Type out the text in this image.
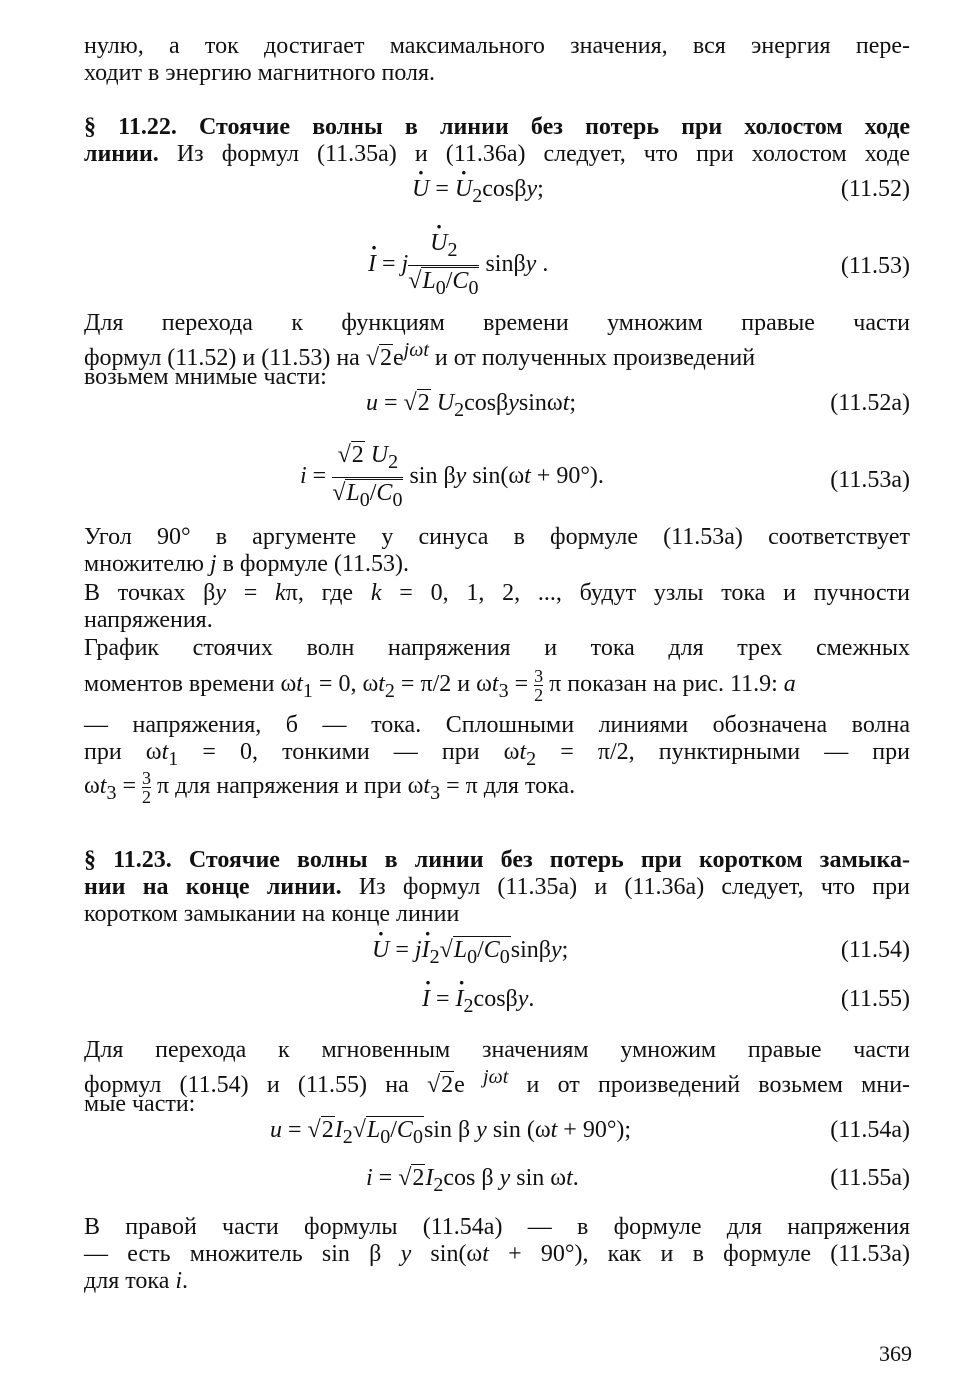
нулю, а ток достигает максимального значения, вся энергия пере-
ходит в энергию магнитного поля.
§ 11.22. Стоячие волны в линии без потерь при холостом ходе
линии. Из формул (11.35а) и (11.36а) следует, что при холостом ходе
· U = · $U_2\cos\beta y$;	(11.52)
· I = j
· $\frac{U_2}{√L_0/C_0}$ sinβy .	(11.53)
Для перехода к функциям времени умножим правые части
формул (11.52) и (11.53) на $√2e^{j\omega t}$ и от полученных произведений
возьмем мнимые части:
u = √2 $U_2\cos\beta ysin\omega t$;	(11.52а)
$i = \frac{√2 U_2}{√L_0/C_0}$ sin βy sin(ωt + 90°).	(11.53а)
Угол 90° в аргументе у синуса в формуле (11.53а) соответствует
множителю j в формуле (11.53).
В точках βy = kπ, где k = 0, 1, 2, ..., будут узлы тока и пучности
напряжения.
График стоячих волн напряжения и тока для трех смежных
моментов времени $\omega t_1 = 0$, $\omega t_2 = \pi/2$ и $\omega t_3 = \frac{3}{2}$ π показан на рис. 11.9: а
— напряжения, б — тока. Сплошными линиями обозначена волна
при $\omega t_1 = 0$, тонкими — при $\omega t_2 = \pi/2$, пунктирными — при
$\omega t_3 = \frac{3}{2}$ π для напряжения и при $\omega t_3 = \pi$ для тока.
§ 11.23. Стоячие волны в линии без потерь при коротком замыка-
нии на конце линии. Из формул (11.35а) и (11.36а) следует, что при
коротком замыкании на конце линии
· $U = j\cdot I_2√L_0/C_0\sin\beta y$;	(11.54)
· I = · $I_2\cos\beta y$.	(11.55)
Для перехода к мгновенным значениям умножим правые части
формул (11.54) и (11.55) на √2e $^{j\omega t}$ и от произведений возьмем мни-
мые части:
$u = √2I_2√L_0/C_0\sin$ β y sin (ωt + 90°);	(11.54а)
$i = √2I_2\cos$ β y sin ωt.	(11.55а)
В правой части формулы (11.54а) — в формуле для напряжения
— есть множитель sin β y sin(ωt + 90°), как и в формуле (11.53а)
для тока i.
369
